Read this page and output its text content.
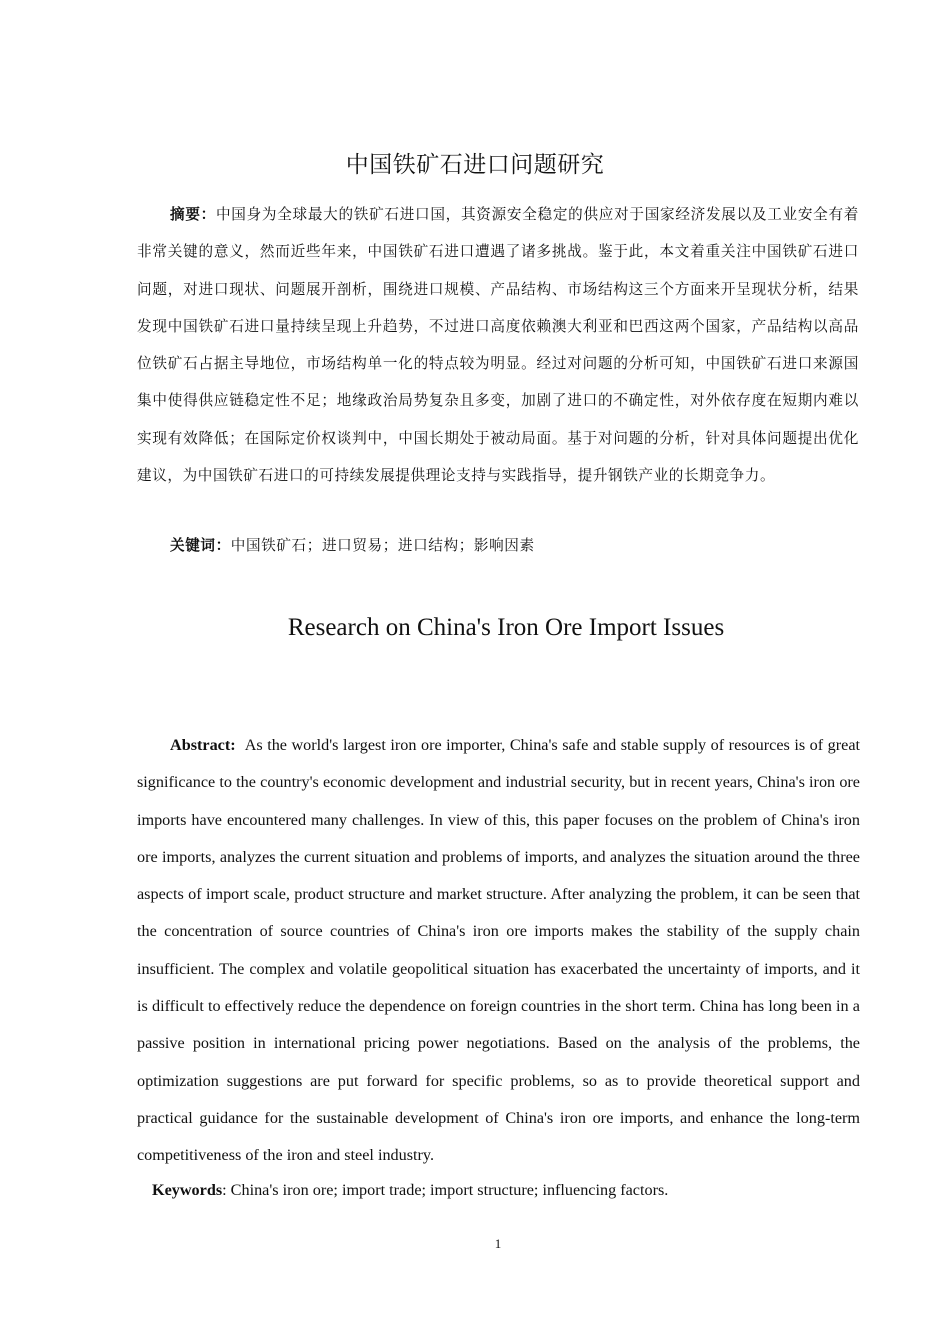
中国铁矿石进口问题研究

摘要：中国身为全球最大的铁矿石进口国，其资源安全稳定的供应对于国家经济发展以及工业安全有着非常关键的意义，然而近些年来，中国铁矿石进口遭遇了诸多挑战。鉴于此，本文着重关注中国铁矿石进口问题，对进口现状、问题展开剖析，围绕进口规模、产品结构、市场结构这三个方面来开呈现状分析，结果发现中国铁矿石进口量持续呈现上升趋势，不过进口高度依赖澳大利亚和巴西这两个国家，产品结构以高品位铁矿石占据主导地位，市场结构单一化的特点较为明显。经过对问题的分析可知，中国铁矿石进口来源国集中使得供应链稳定性不足；地缘政治局势复杂且多变，加剧了进口的不确定性，对外依存度在短期内难以实现有效降低；在国际定价权谈判中，中国长期处于被动局面。基于对问题的分析，针对具体问题提出优化建议，为中国铁矿石进口的可持续发展提供理论支持与实践指导，提升钢铁产业的长期竞争力。

关键词：中国铁矿石；进口贸易；进口结构；影响因素

Research on China's Iron Ore Import Issues

Abstract: As the world's largest iron ore importer, China's safe and stable supply of resources is of great significance to the country's economic development and industrial security, but in recent years, China's iron ore imports have encountered many challenges. In view of this, this paper focuses on the problem of China's iron ore imports, analyzes the current situation and problems of imports, and analyzes the situation around the three aspects of import scale, product structure and market structure. After analyzing the problem, it can be seen that the concentration of source countries of China's iron ore imports makes the stability of the supply chain insufficient. The complex and volatile geopolitical situation has exacerbated the uncertainty of imports, and it is difficult to effectively reduce the dependence on foreign countries in the short term. China has long been in a passive position in international pricing power negotiations. Based on the analysis of the problems, the optimization suggestions are put forward for specific problems, so as to provide theoretical support and practical guidance for the sustainable development of China's iron ore imports, and enhance the long-term competitiveness of the iron and steel industry.

Keywords: China's iron ore; import trade; import structure; influencing factors.

1
